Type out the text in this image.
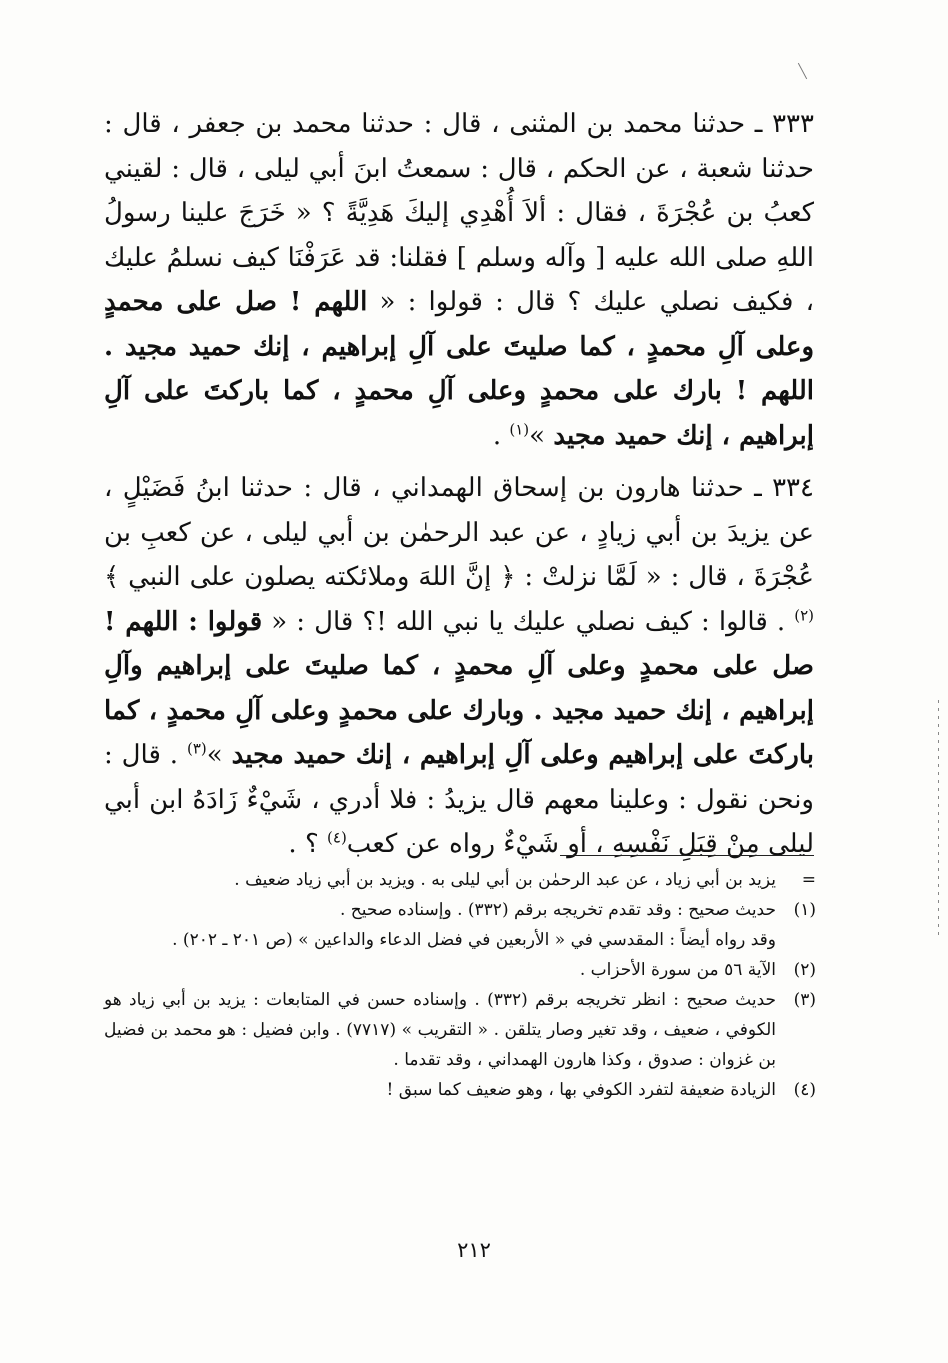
٣٣٣ ـ حدثنا محمد بن المثنى ، قال : حدثنا محمد بن جعفر ، قال : حدثنا شعبة ، عن الحكم ، قال : سمعتُ ابنَ أبي ليلى ، قال : لقيني كعبُ بن عُجْرَةَ ، فقال : ألاَ أُهْدِي إليكَ هَدِيَّةً ؟ « خَرَجَ علينا رسولُ اللهِ صلى الله عليه [ وآله وسلم ] فقلنا: قد عَرَفْنَا كيف نسلمُ عليك ، فكيف نصلي عليك ؟ قال : قولوا : « اللهم ! صل على محمدٍ وعلى آلِ محمدٍ ، كما صليتَ على آلِ إبراهيم ، إنك حميد مجيد . اللهم ! بارك على محمدٍ وعلى آلِ محمدٍ ، كما باركتَ على آلِ إبراهيم ، إنك حميد مجيد »$^{(١)}$ .

٣٣٤ ـ حدثنا هارون بن إسحاق الهمداني ، قال : حدثنا ابنُ فَضَيْلٍ ، عن يزيدَ بن أبي زيادٍ ، عن عبد الرحمٰن بن أبي ليلى ، عن كعبِ بن عُجْرَةَ ، قال : « لَمَّا نزلتْ : ﴿ إنَّ اللهَ وملائكته يصلون على النبي ﴾$^{(٢)}$ . قالوا : كيف نصلي عليك يا نبي الله !؟ قال : « قولوا : اللهم ! صل على محمدٍ وعلى آلِ محمدٍ ، كما صليتَ على إبراهيم وآلِ إبراهيم ، إنك حميد مجيد . وبارك على محمدٍ وعلى آلِ محمدٍ ، كما باركتَ على إبراهيم وعلى آلِ إبراهيم ، إنك حميد مجيد »$^{(٣)}$ . قال : ونحن نقول : وعلينا معهم قال يزيدُ : فلا أدري ، شَيْءٌ زَادَهُ ابن أبي ليلى مِنْ قِبَلِ نَفْسِهِ ، أو شَيْءٌ رواه عن كعب$^{(٤)}$ ؟ .

=
يزيد بن أبي زياد ، عن عبد الرحمٰن بن أبي ليلى به . ويزيد بن أبي زياد ضعيف .
(١)
حديث صحيح : وقد تقدم تخريجه برقم (٣٣٢) . وإسناده صحيح .
وقد رواه أيضاً : المقدسي في « الأربعين في فضل الدعاء والداعين » (ص ٢٠١ ـ ٢٠٢) .
(٢)
الآية ٥٦ من سورة الأحزاب .
(٣)
حديث صحيح : انظر تخريجه برقم (٣٣٢) . وإسناده حسن في المتابعات : يزيد بن أبي زياد هو الكوفي ، ضعيف ، وقد تغير وصار يتلقن . « التقريب » (٧٧١٧) . وابن فضيل : هو محمد بن فضيل بن غزوان : صدوق ، وكذا هارون الهمداني ، وقد تقدما .
(٤)
الزيادة ضعيفة لتفرد الكوفي بها ، وهو ضعيف كما سبق !
٢١٢
